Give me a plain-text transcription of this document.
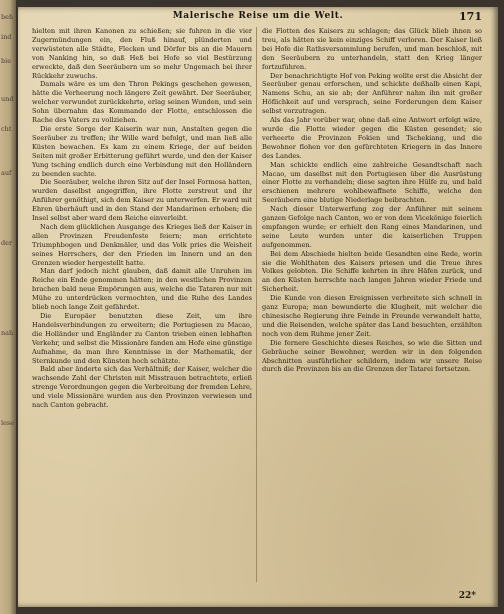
beh
ind
bie
und
cht
auf
der
nah
lese
Malerische Reise um die Welt.	171

hielten mit ihren Kanonen zu schießen; sie fuhren in die vier Zugermündungen ein, den Fluß hinauf, plünderten und verwüsteten alle Städte, Flecken und Dörfer bis an die Mauern von Nanking hin, so daß Heß bei Hofe so viel Bestürzung erweckte, daß den Seeräubern um so mehr Ungemach bei ihrer Rückkehr zuwuchs.

Damals wäre es um den Thron Pekings geschehen gewesen, hätte die Verheerung noch längere Zeit gewährt. Der Seeräuber, welcher verwundet zurückkehrte, erlag seinen Wunden, und sein Sohn übernahm das Kommando der Flotte, entschlossen die Rache des Vaters zu vollziehen.

Die erste Sorge der Kaiserin war nun, Anstalten gegen die Seeräuber zu treffen; ihr Wille ward befolgt, und man ließ alle Küsten bewachen. Es kam zu einem Kriege, der auf beiden Seiten mit großer Erbitterung geführt wurde, und den der Kaiser Yung tsching endlich durch eine Verbindung mit den Holländern zu beenden suchte.

Die Seeräuber, welche ihren Sitz auf der Insel Formosa hatten, wurden daselbst angegriffen, ihre Flotte zerstreut und ihr Anführer genöthigt, sich dem Kaiser zu unterwerfen. Er ward mit Ehren überhäuft und in den Stand der Mandarinen erhoben; die Insel selbst aber ward dem Reiche einverleibt.

Nach dem glücklichen Ausgange des Krieges ließ der Kaiser in allen Provinzen Freudenfeste feiern; man errichtete Triumphbogen und Denkmäler, und das Volk pries die Weisheit seines Herrschers, der den Frieden im Innern und an den Grenzen wieder hergestellt hatte.

Man darf jedoch nicht glauben, daß damit alle Unruhen im Reiche ein Ende genommen hätten; in den westlichen Provinzen brachen bald neue Empörungen aus, welche die Tataren nur mit Mühe zu unterdrücken vermochten, und die Ruhe des Landes blieb noch lange Zeit gefährdet.

Die Europäer benutzten diese Zeit, um ihre Handelsverbindungen zu erweitern; die Portugiesen zu Macao, die Holländer und Engländer zu Canton trieben einen lebhaften Verkehr, und selbst die Missionäre fanden am Hofe eine günstige Aufnahme, da man ihre Kenntnisse in der Mathematik, der Sternkunde und den Künsten hoch schätzte.

Bald aber änderte sich das Verhältniß; der Kaiser, welcher die wachsende Zahl der Christen mit Misstrauen betrachtete, erließ strenge Verordnungen gegen die Verbreitung der fremden Lehre, und viele Missionäre wurden aus den Provinzen verwiesen und nach Canton gebracht.

die Flotten des Kaisers zu schlagen; das Glück blieb ihnen so treu, als hätten sie kein einziges Schiff verloren. Der Kaiser ließ bei Hofe die Rathsversammlung berufen, und man beschloß, mit den Seeräubern zu unterhandeln, statt den Krieg länger fortzuführen.

Der benachrichtigte Hof von Peking wollte erst die Absicht der Seeräuber genau erforschen, und schickte deßhalb einen Kapi, Namens Schu, an sie ab; der Anführer nahm ihn mit großer Höflichkeit auf und versprach, seine Forderungen dem Kaiser selbst vorzutragen.

Als das Jahr vorüber war, ohne daß eine Antwort erfolgt wäre, wurde die Flotte wieder gegen die Küsten gesendet; sie verheerte die Provinzen Fokien und Tschekiang, und die Bewohner flohen vor den gefürchteten Kriegern in das Innere des Landes.

Man schickte endlich eine zahlreiche Gesandtschaft nach Macao, um daselbst mit den Portugiesen über die Ausrüstung einer Flotte zu verhandeln; diese sagten ihre Hülfe zu, und bald erschienen mehrere wohlbewaffnete Schiffe, welche den Seeräubern eine blutige Niederlage beibrachten.

Nach dieser Unterwerfung zog der Anführer mit seinem ganzen Gefolge nach Canton, wo er von dem Vicekönige feierlich empfangen wurde; er erhielt den Rang eines Mandarinen, und seine Leute wurden unter die kaiserlichen Truppen aufgenommen.

Bei dem Abschiede hielten beide Gesandten eine Rede, worin sie die Wohlthaten des Kaisers priesen und die Treue ihres Volkes gelobten. Die Schiffe kehrten in ihre Häfen zurück, und an den Küsten herrschte nach langen Jahren wieder Friede und Sicherheit.

Die Kunde von diesen Ereignissen verbreitete sich schnell in ganz Europa; man bewunderte die Klugheit, mit welcher die chinesische Regierung ihre Feinde in Freunde verwandelt hatte, und die Reisenden, welche später das Land besuchten, erzählten noch von dem Ruhme jener Zeit.

Die fernere Geschichte dieses Reiches, so wie die Sitten und Gebräuche seiner Bewohner, werden wir in den folgenden Abschnitten ausführlicher schildern, indem wir unsere Reise durch die Provinzen bis an die Grenzen der Tatarei fortsetzen.

22*
